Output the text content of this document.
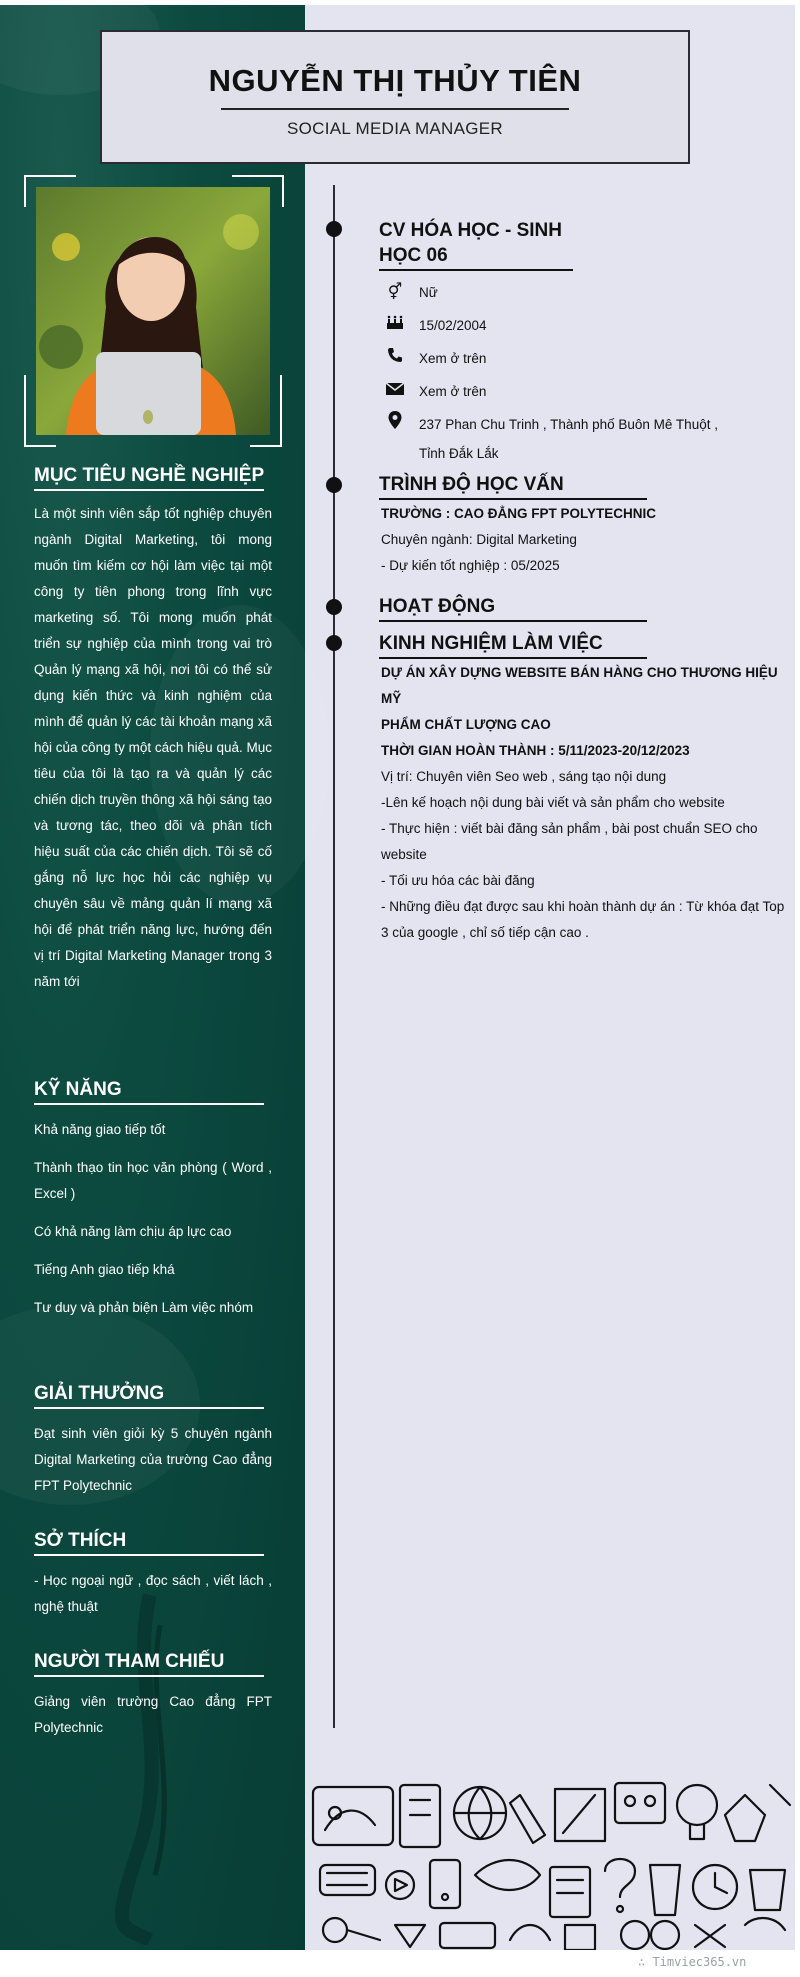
MỤC TIÊU NGHỀ NGHIỆP

Là một sinh viên sắp tốt nghiệp chuyên ngành Digital Marketing, tôi mong muốn tìm kiếm cơ hội làm việc tại một công ty tiên phong trong lĩnh vực marketing số. Tôi mong muốn phát triển sự nghiệp của mình trong vai trò Quản lý mạng xã hội, nơi tôi có thể sử dụng kiến thức và kinh nghiệm của mình để quản lý các tài khoản mạng xã hội của công ty một cách hiệu quả. Mục tiêu của tôi là tạo ra và quản lý các chiến dịch truyền thông xã hội sáng tạo và tương tác, theo dõi và phân tích hiệu suất của các chiến dịch. Tôi sẽ cố gắng nỗ lực học hỏi các nghiệp vụ chuyên sâu về mảng quản lí mạng xã hội để phát triển năng lực, hướng đến vị trí Digital Marketing Manager trong 3 năm tới

KỸ NĂNG

Khả năng giao tiếp tốt

Thành thạo tin học văn phòng ( Word , Excel )

Có khả năng làm chịu áp lực cao

Tiếng Anh giao tiếp khá

Tư duy và phản biện Làm việc nhóm

GIẢI THƯỞNG

Đạt sinh viên giỏi kỳ 5 chuyên ngành Digital Marketing của trường Cao đẳng FPT Polytechnic

SỞ THÍCH

- Học ngoại ngữ , đọc sách , viết lách , nghệ thuật

NGƯỜI THAM CHIẾU

Giảng viên trường Cao đẳng FPT Polytechnic

NGUYỄN THỊ THỦY TIÊN
SOCIAL MEDIA MANAGER
CV HÓA HỌC - SINH
HỌC 06
⚥ Nữ
15/02/2004
Xem ở trên
Xem ở trên
237 Phan Chu Trinh , Thành phố Buôn Mê Thuột ,
Tỉnh Đắk Lắk
TRÌNH ĐỘ HỌC VẤN
TRƯỜNG : CAO ĐẲNG FPT POLYTECHNIC
Chuyên ngành: Digital Marketing
- Dự kiến tốt nghiệp : 05/2025
HOẠT ĐỘNG
KINH NGHIỆM LÀM VIỆC
DỰ ÁN XÂY DỰNG WEBSITE BÁN HÀNG CHO THƯƠNG HIỆU MỸ
PHẨM CHẤT LƯỢNG CAO
THỜI GIAN HOÀN THÀNH : 5/11/2023-20/12/2023
Vị trí: Chuyên viên Seo web , sáng tạo nội dung
-Lên kế hoạch nội dung bài viết và sản phẩm cho website
- Thực hiện : viết bài đăng sản phẩm , bài post chuẩn SEO cho
website
- Tối ưu hóa các bài đăng
- Những điều đạt được sau khi hoàn thành dự án : Từ khóa đạt Top
3 của google , chỉ số tiếp cận cao .
∴ Timviec365.vn
